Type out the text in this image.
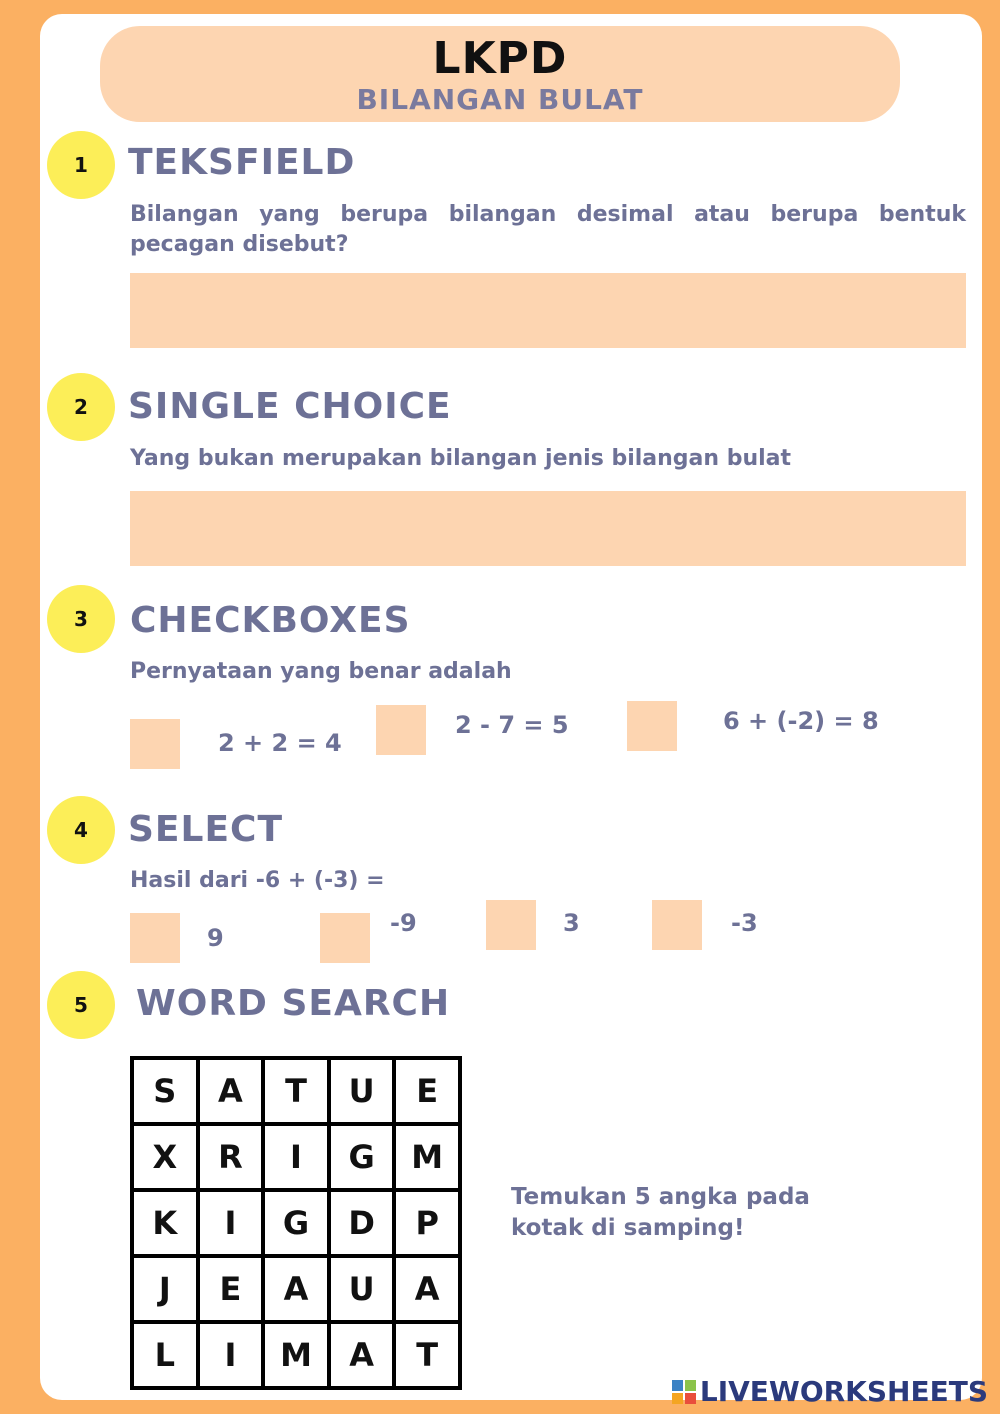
LKPD
BILANGAN BULAT
1	TEKSFIELD
Bilangan yang berupa bilangan desimal atau berupa bentuk pecagan disebut?
2	SINGLE CHOICE
Yang bukan merupakan bilangan jenis bilangan bulat
3	CHECKBOXES
Pernyataan yang benar adalah
2 + 2 = 4
2 - 7 = 5	6 + (-2) = 8
4	SELECT
Hasil dari -6 + (-3) =
9
-9	3	-3
5	WORD SEARCH
S	A	T	U	E
X	R	I	G	M
K	I	G	D	P
J	E	A	U	A
L	I	M	A	T
Temukan 5 angka pada kotak di samping!
LIVEWORKSHEETS
